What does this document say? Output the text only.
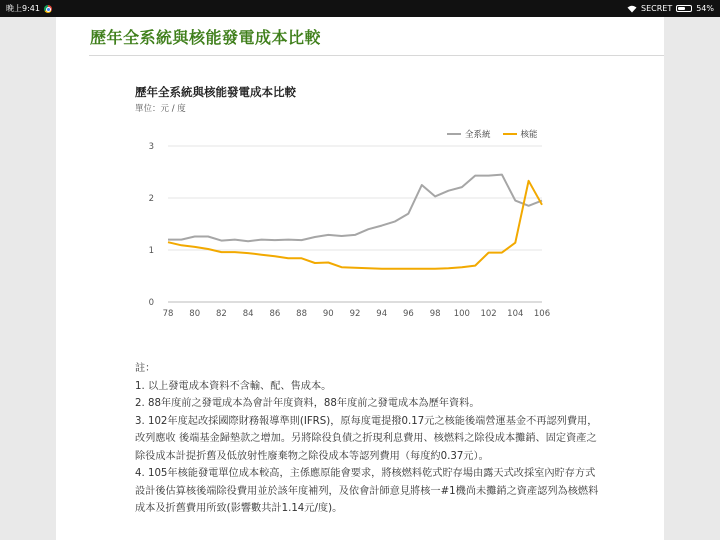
晚上9:41	SECRET	54%
歷年全系統與核能發電成本比較
0
1
2
3
78 80 82 84 86 88 90 92 94 96 98 100 102 104 106
歷年全系統與核能發電成本比較
單位：元 / 度
全系統	核能

註：

1. 以上發電成本資料不含輸、配、售成本。

2. 88年度前之發電成本為會計年度資料，88年度前之發電成本為歷年資料。

3. 102年度起改採國際財務報導準則(IFRS)，原每度電提撥0.17元之核能後端營運基金不再認列費用，改列應收 後端基金歸墊款之增加。另將除役負債之折現利息費用、核燃料之除役成本攤銷、固定資產之除役成本計提折舊及低放射性廢棄物之除役成本等認列費用（每度約0.37元）。

4. 105年核能發電單位成本較高，主係應原能會要求，將核燃料乾式貯存場由露天式改採室內貯存方式設計後估算核後端除役費用並於該年度補列，及依會計師意見將核一#1機尚未攤銷之資產認列為核燃料成本及折舊費用所致(影響數共計1.14元/度)。
